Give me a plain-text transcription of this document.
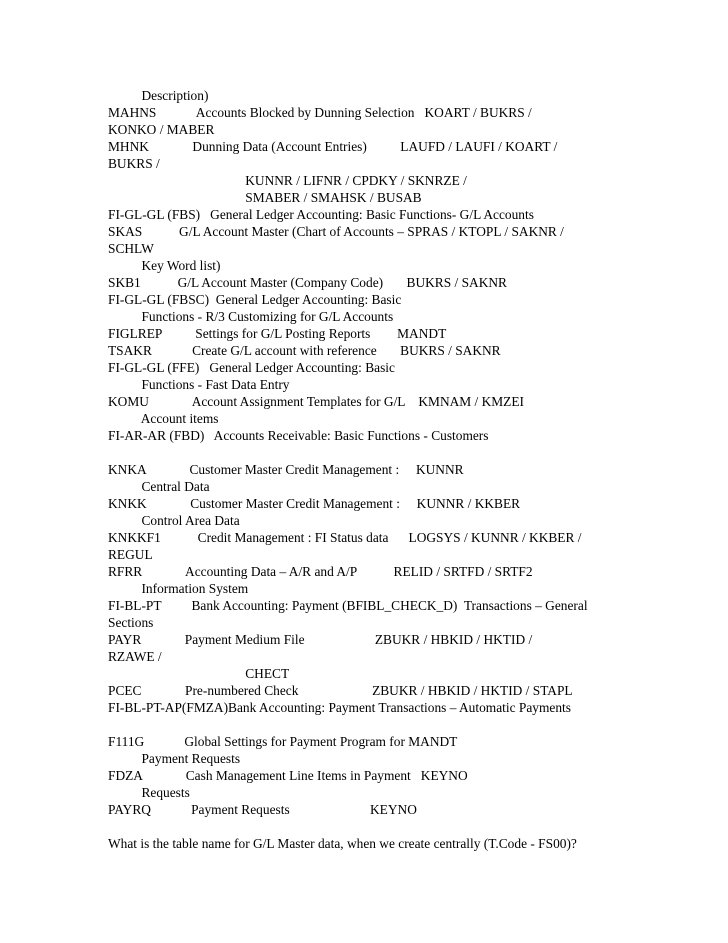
Description)
MAHNS            Accounts Blocked by Dunning Selection   KOART / BUKRS /
KONKO / MABER
MHNK             Dunning Data (Account Entries)          LAUFD / LAUFI / KOART /
BUKRS /
KUNNR / LIFNR / CPDKY / SKNRZE /
SMABER / SMAHSK / BUSAB
FI-GL-GL (FBS)   General Ledger Accounting: Basic Functions- G/L Accounts
SKAS           G/L Account Master (Chart of Accounts – SPRAS / KTOPL / SAKNR /
SCHLW
Key Word list)
SKB1           G/L Account Master (Company Code)       BUKRS / SAKNR
FI-GL-GL (FBSC)  General Ledger Accounting: Basic
Functions - R/3 Customizing for G/L Accounts
FIGLREP          Settings for G/L Posting Reports        MANDT
TSAKR            Create G/L account with reference       BUKRS / SAKNR
FI-GL-GL (FFE)   General Ledger Accounting: Basic
Functions - Fast Data Entry
KOMU             Account Assignment Templates for G/L    KMNAM / KMZEI
Account items
FI-AR-AR (FBD)   Accounts Receivable: Basic Functions - Customers
KNKA             Customer Master Credit Management :     KUNNR
Central Data
KNKK             Customer Master Credit Management :     KUNNR / KKBER
Control Area Data
KNKKF1           Credit Management : FI Status data      LOGSYS / KUNNR / KKBER /
REGUL
RFRR             Accounting Data – A/R and A/P           RELID / SRTFD / SRTF2
Information System
FI-BL-PT         Bank Accounting: Payment (BFIBL_CHECK_D)  Transactions – General
Sections
PAYR             Payment Medium File                     ZBUKR / HBKID / HKTID /
RZAWE /
CHECT
PCEC             Pre-numbered Check                      ZBUKR / HBKID / HKTID / STAPL
FI-BL-PT-AP(FMZA)Bank Accounting: Payment Transactions – Automatic Payments
F111G            Global Settings for Payment Program for MANDT
Payment Requests
FDZA             Cash Management Line Items in Payment   KEYNO
Requests
PAYRQ            Payment Requests                        KEYNO
What is the table name for G/L Master data, when we create centrally (T.Code - FS00)?
